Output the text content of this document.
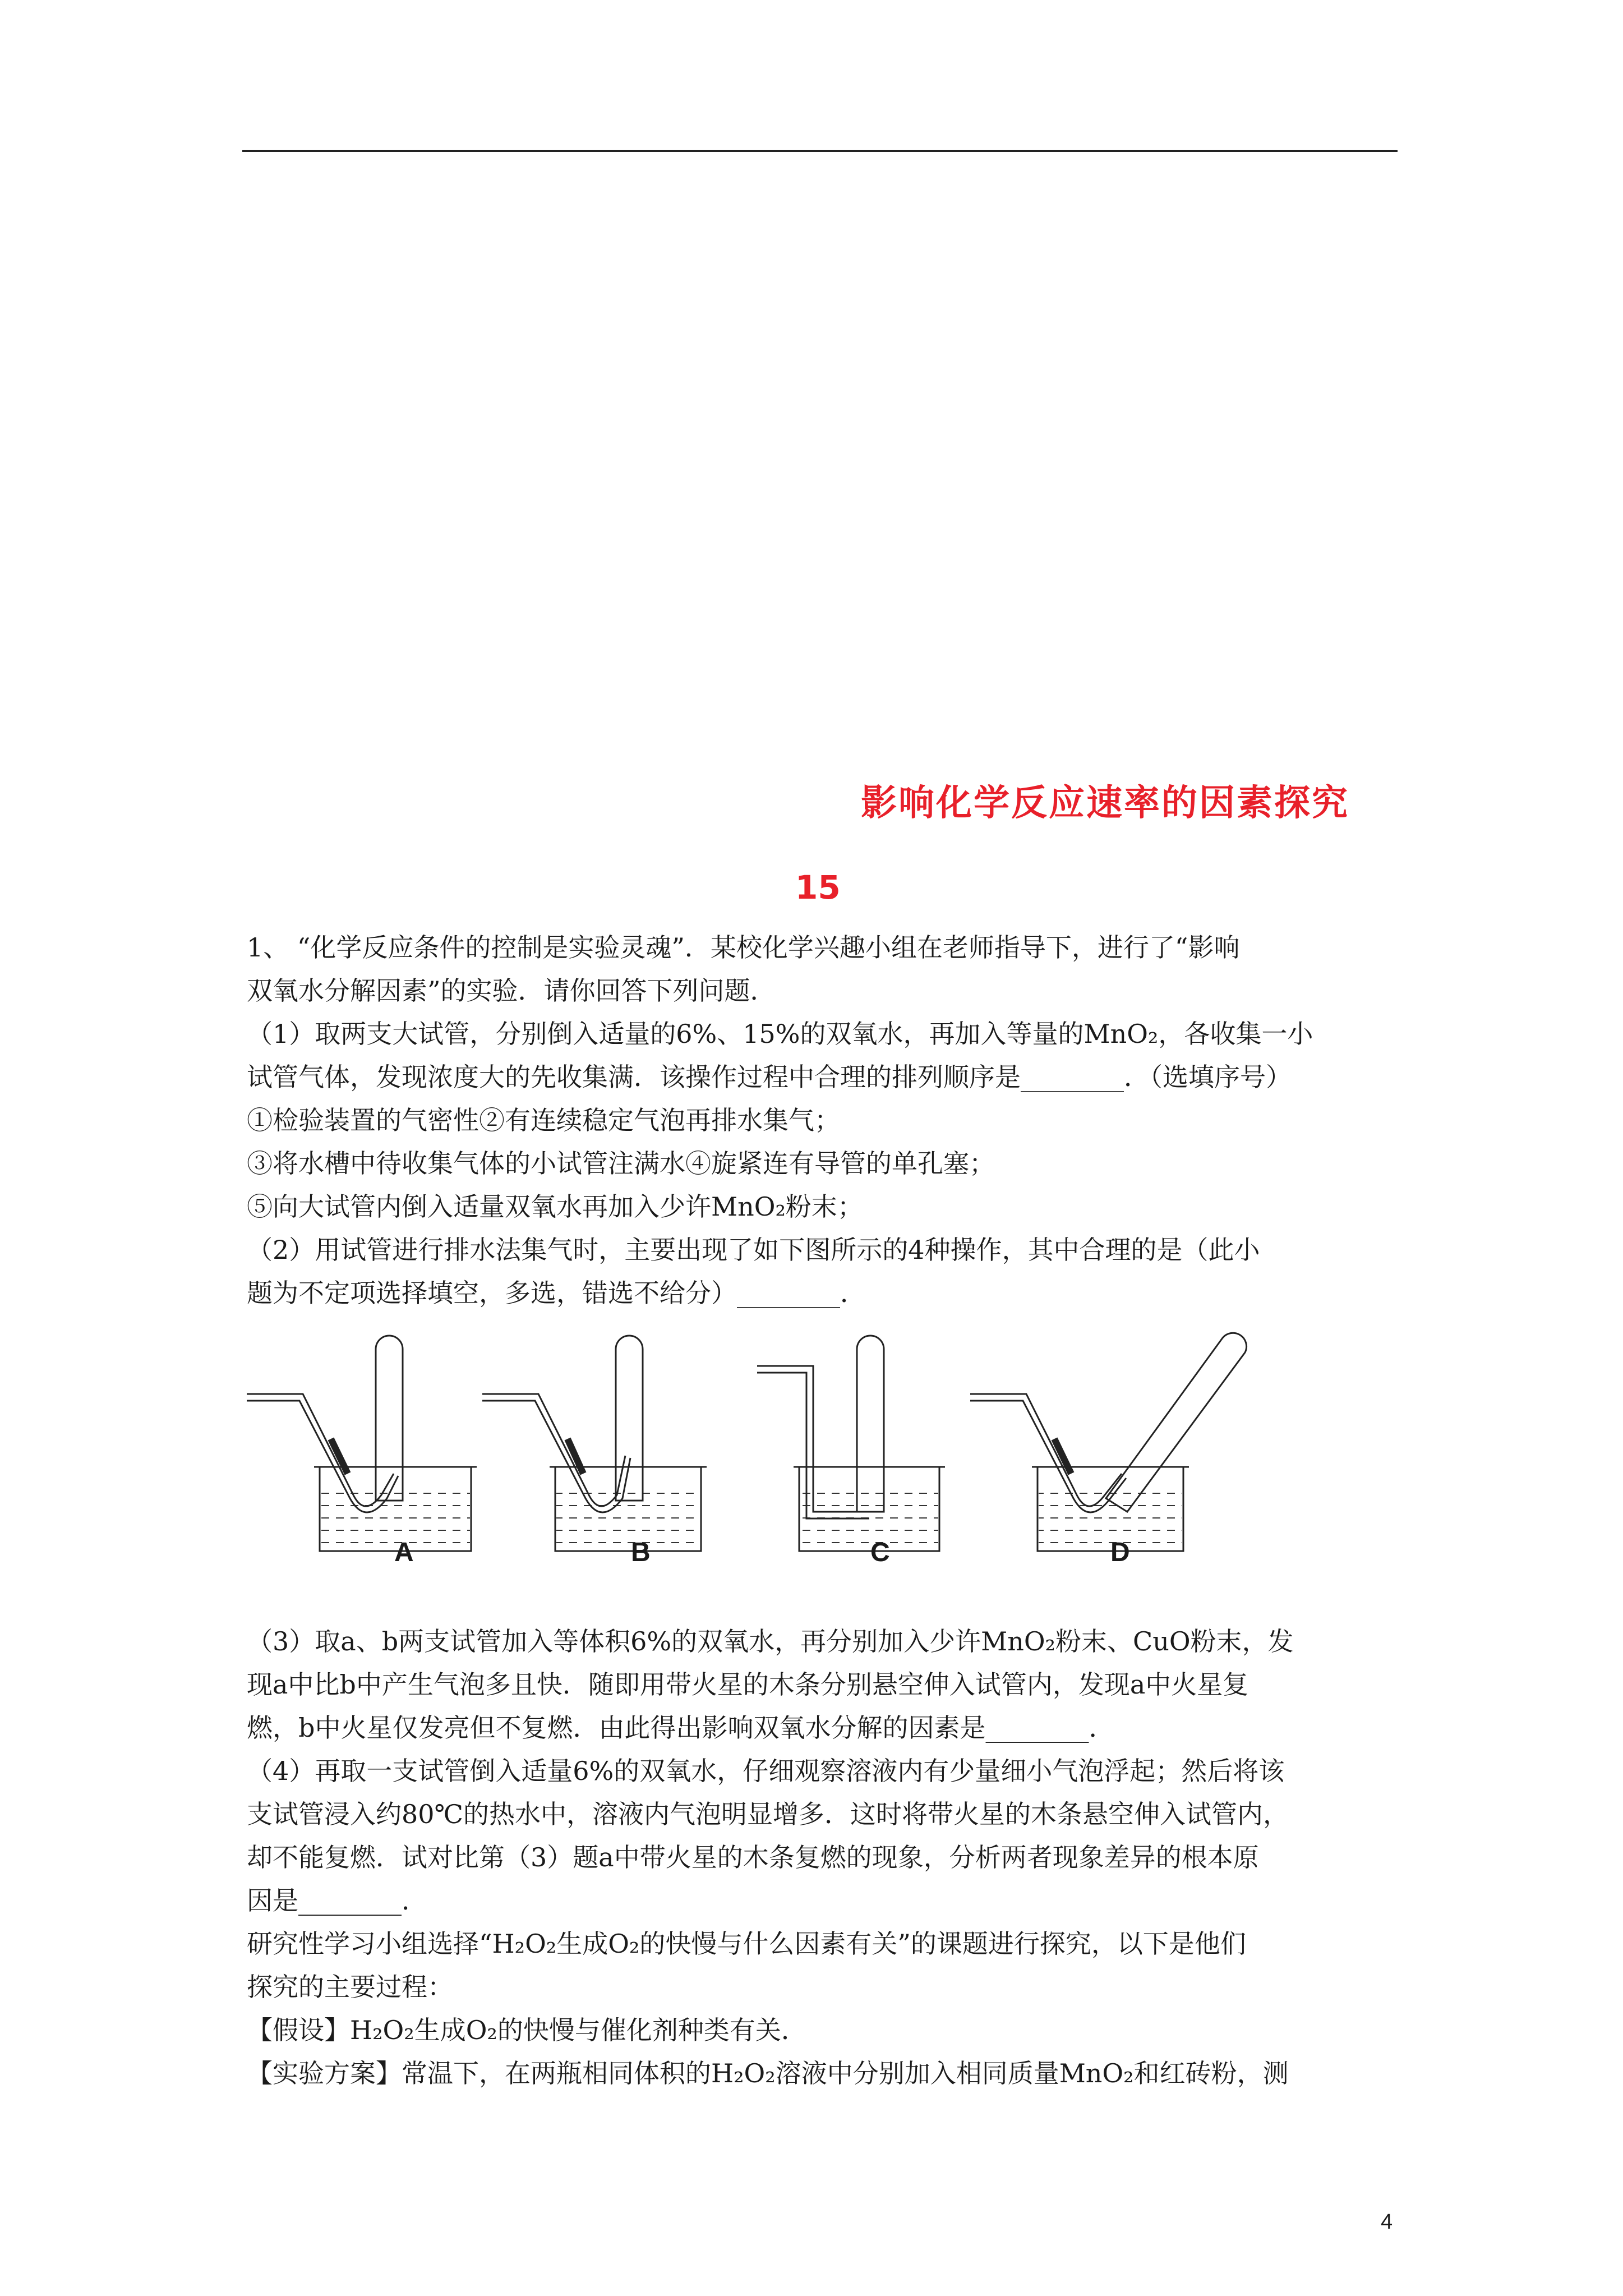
影响化学反应速率的因素探究
15
1、 “化学反应条件的控制是实验灵魂”．某校化学兴趣小组在老师指导下，进行了“影响
双氧水分解因素”的实验．请你回答下列问题．
（1）取两支大试管，分别倒入适量的6%、15%的双氧水，再加入等量的MnO₂，各收集一小
试管气体，发现浓度大的先收集满．该操作过程中合理的排列顺序是________．（选填序号）
①检验装置的气密性②有连续稳定气泡再排水集气；
③将水槽中待收集气体的小试管注满水④旋紧连有导管的单孔塞；
⑤向大试管内倒入适量双氧水再加入少许MnO₂粉末；
（2）用试管进行排水法集气时，主要出现了如下图所示的4种操作，其中合理的是（此小
题为不定项选择填空，多选，错选不给分）________．
A	B	C	D
（3）取a、b两支试管加入等体积6%的双氧水，再分别加入少许MnO₂粉末、CuO粉末，发
现a中比b中产生气泡多且快．随即用带火星的木条分别悬空伸入试管内，发现a中火星复
燃，b中火星仅发亮但不复燃．由此得出影响双氧水分解的因素是________．
（4）再取一支试管倒入适量6%的双氧水，仔细观察溶液内有少量细小气泡浮起；然后将该
支试管浸入约80℃的热水中，溶液内气泡明显增多．这时将带火星的木条悬空伸入试管内，
却不能复燃．试对比第（3）题a中带火星的木条复燃的现象，分析两者现象差异的根本原
因是________．
研究性学习小组选择“H₂O₂生成O₂的快慢与什么因素有关”的课题进行探究，以下是他们
探究的主要过程：
【假设】H₂O₂生成O₂的快慢与催化剂种类有关．
【实验方案】常温下，在两瓶相同体积的H₂O₂溶液中分别加入相同质量MnO₂和红砖粉，测
4
